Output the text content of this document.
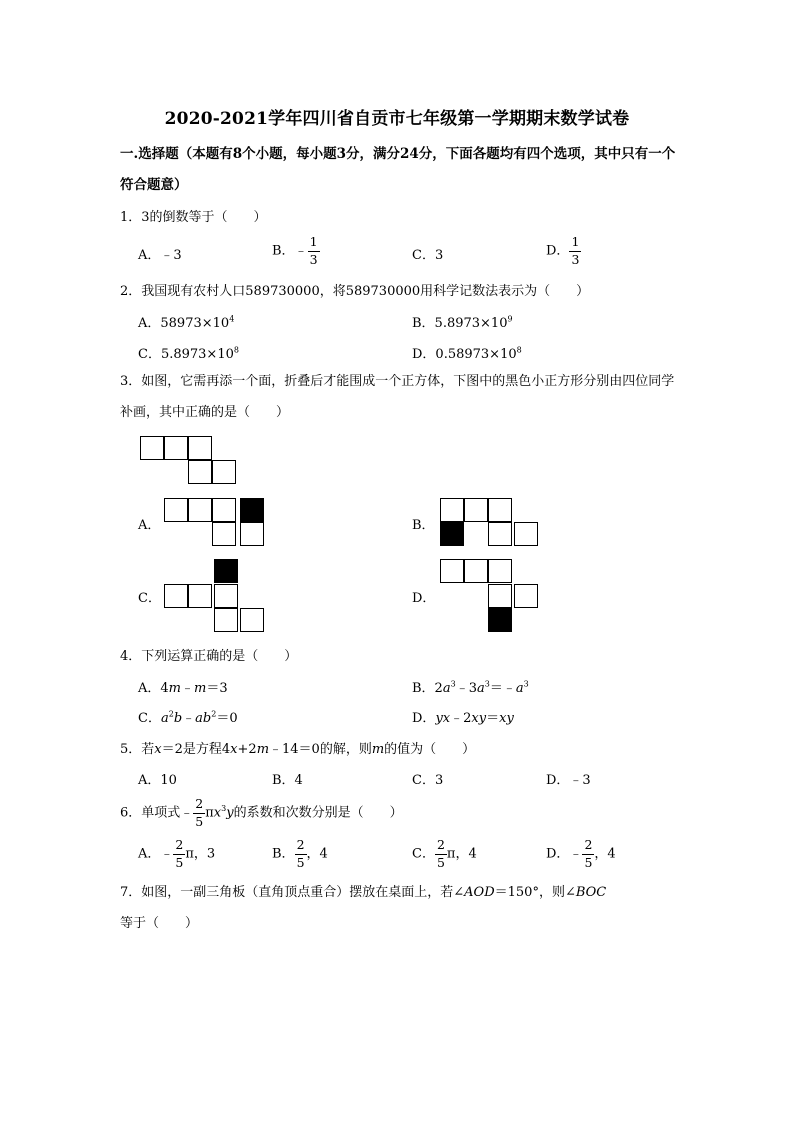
2020-2021学年四川省自贡市七年级第一学期期末数学试卷
一.选择题（本题有8个小题，每小题3分，满分24分，下面各题均有四个选项，其中只有一个符合题意）
1．3的倒数等于（　　）
A．﹣3	B．﹣ $\frac{1}{3}$	C．3	D． $\frac{1}{3}$
2．我国现有农村人口589730000，将589730000用科学记数法表示为（　　）
A．$58973\times 10^4$	B．$5.8973\times 10^9$
C．$5.8973\times 10^8$	D．$0.58973\times 10^8$
3．如图，它需再添一个面，折叠后才能围成一个正方体，下图中的黑色小正方形分别由四位同学补画，其中正确的是（　　）
A．	B．
C．	D．
4．下列运算正确的是（　　）
A．4m﹣m＝3	B．$2a^3﹣3a^3=﹣a^3$
C．$a^2b﹣ab^2=0$	D．yx﹣2xy＝xy
5．若x＝2是方程4x+2m﹣14＝0的解，则m的值为（　　）
A．10	B．4	C．3	D．﹣3
6．单项式﹣ $\frac{2}{5} \pi x^3y$的系数和次数分别是（　　）
A．﹣ $\frac{2}{5}$ π，3	B． $\frac{2}{5}$ ，4	C． $\frac{2}{5}$ π，4	D．﹣ $\frac{2}{5}$ ，4
7．如图，一副三角板（直角顶点重合）摆放在桌面上，若∠AOD＝150°，则∠BOC等于（　　）
